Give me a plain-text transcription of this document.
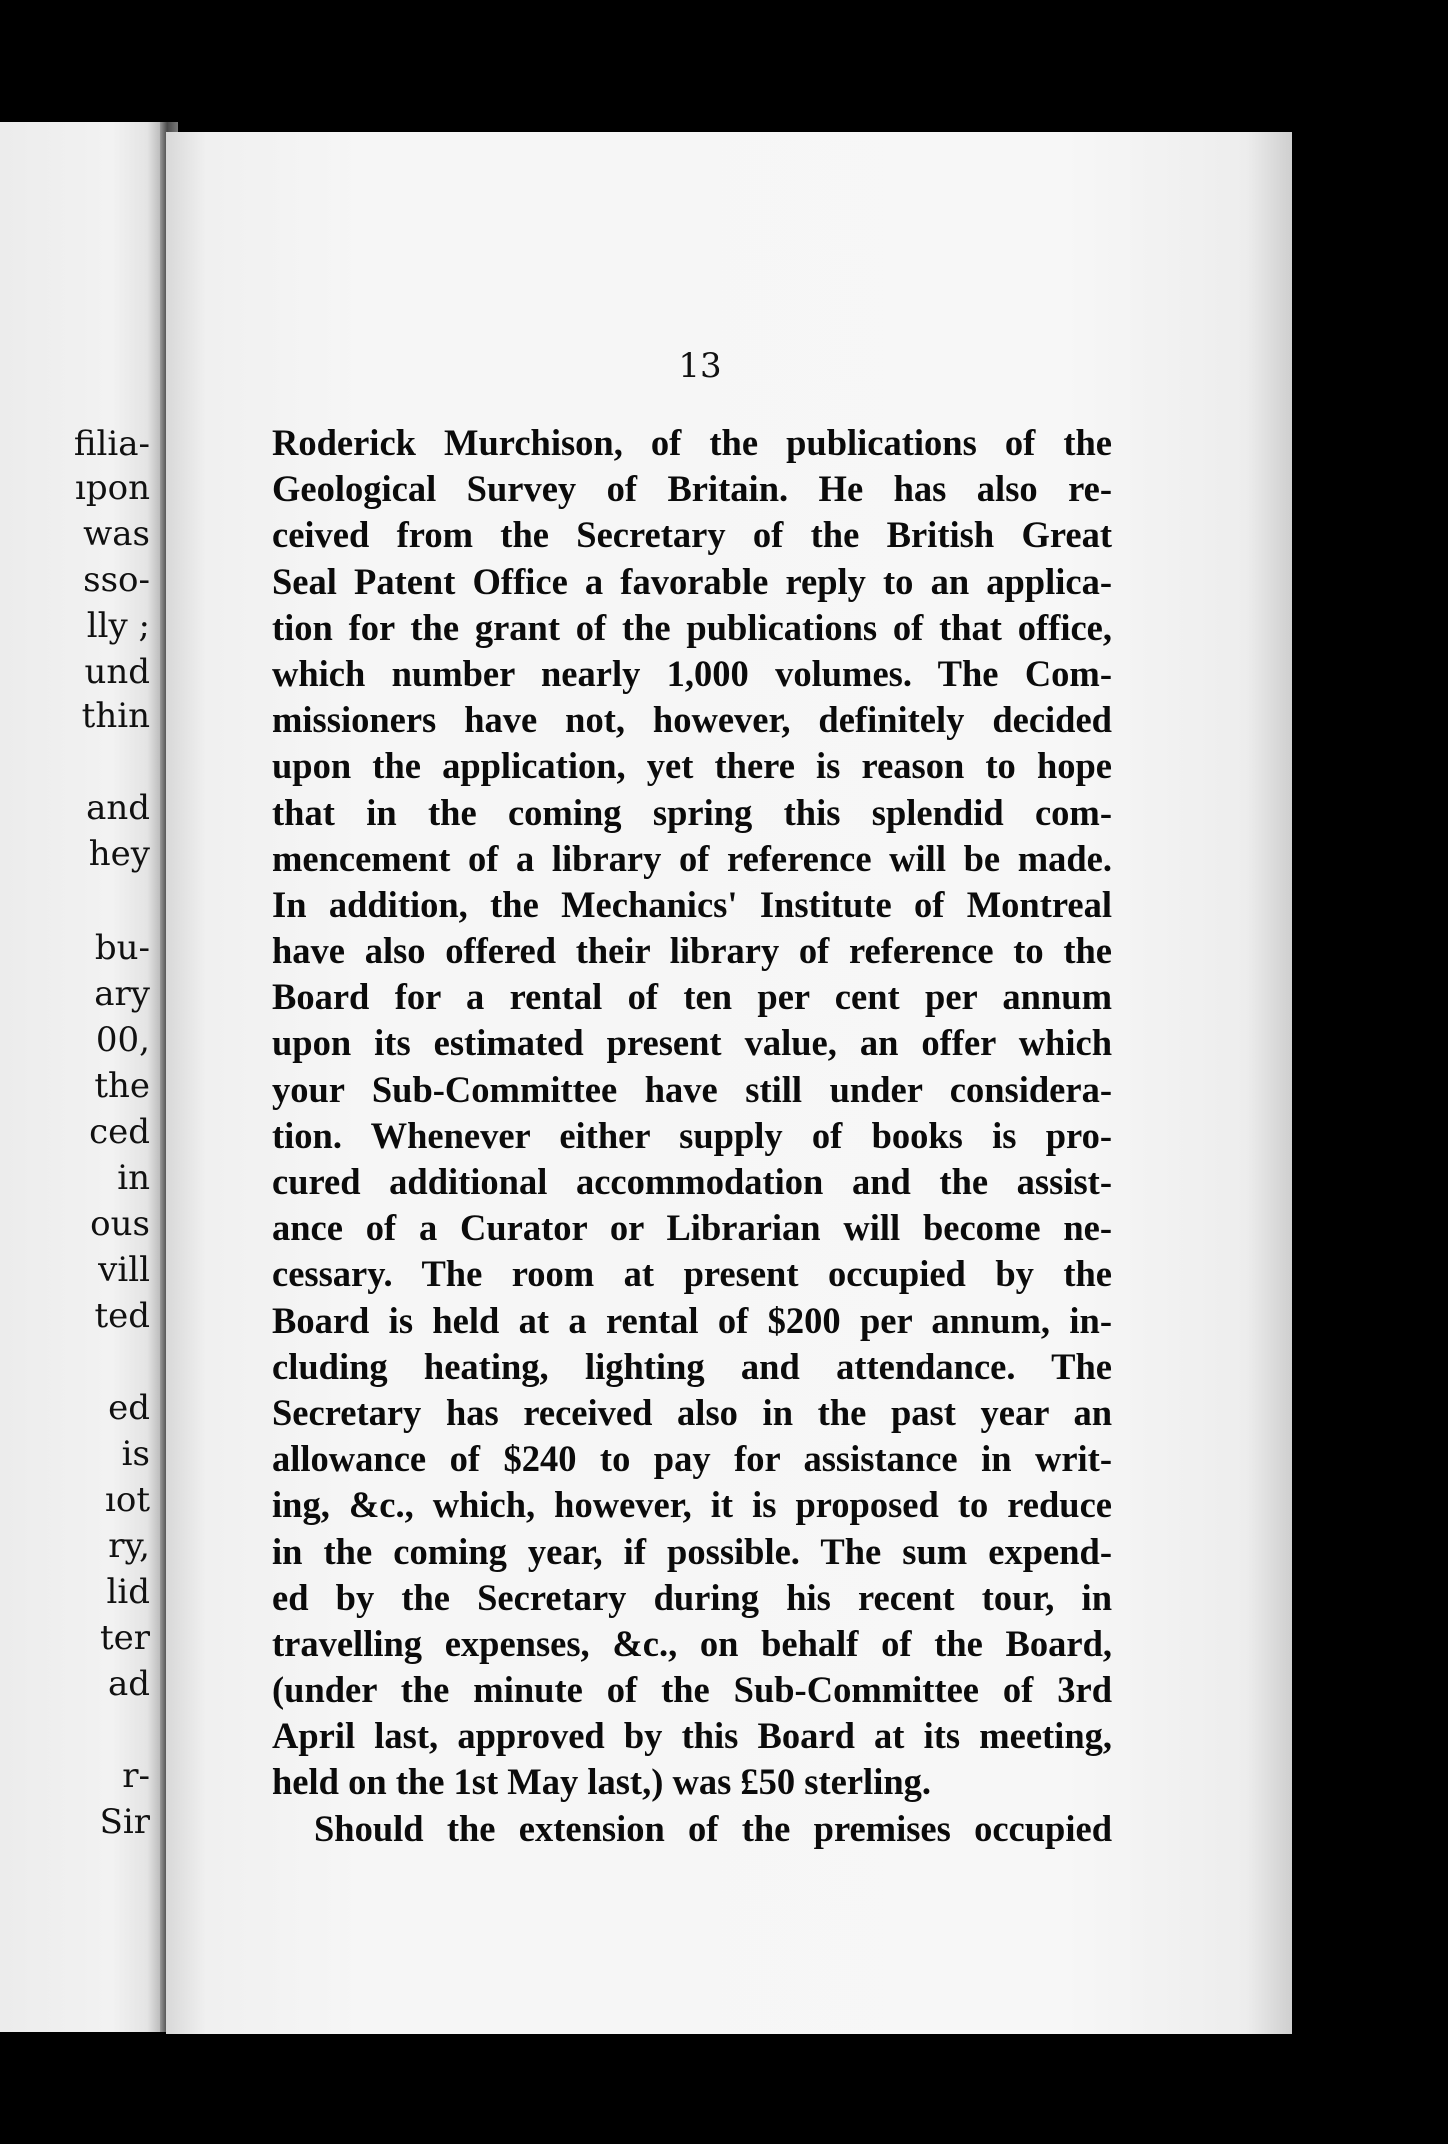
filia-
ıpon
was
sso-
lly ;
und
thin
and
hey
bu-
ary
00,
the
ced
in
ous
vill
ted
ed
is
ıot
ry,
lid
ter
ad
r-
Sir
13
Roderick Murchison, of the publications of the
Geological Survey of Britain. He has also re-
ceived from the Secretary of the British Great
Seal Patent Office a favorable reply to an applica-
tion for the grant of the publications of that office,
which number nearly 1,000 volumes. The Com-
missioners have not, however, definitely decided
upon the application, yet there is reason to hope
that in the coming spring this splendid com-
mencement of a library of reference will be made.
In addition, the Mechanics' Institute of Montreal
have also offered their library of reference to the
Board for a rental of ten per cent per annum
upon its estimated present value, an offer which
your Sub-Committee have still under considera-
tion. Whenever either supply of books is pro-
cured additional accommodation and the assist-
ance of a Curator or Librarian will become ne-
cessary. The room at present occupied by the
Board is held at a rental of $200 per annum, in-
cluding heating, lighting and attendance. The
Secretary has received also in the past year an
allowance of $240 to pay for assistance in writ-
ing, &c., which, however, it is proposed to reduce
in the coming year, if possible. The sum expend-
ed by the Secretary during his recent tour, in
travelling expenses, &c., on behalf of the Board,
(under the minute of the Sub-Committee of 3rd
April last, approved by this Board at its meeting,
held on the 1st May last,) was £50 sterling.
Should the extension of the premises occupied
